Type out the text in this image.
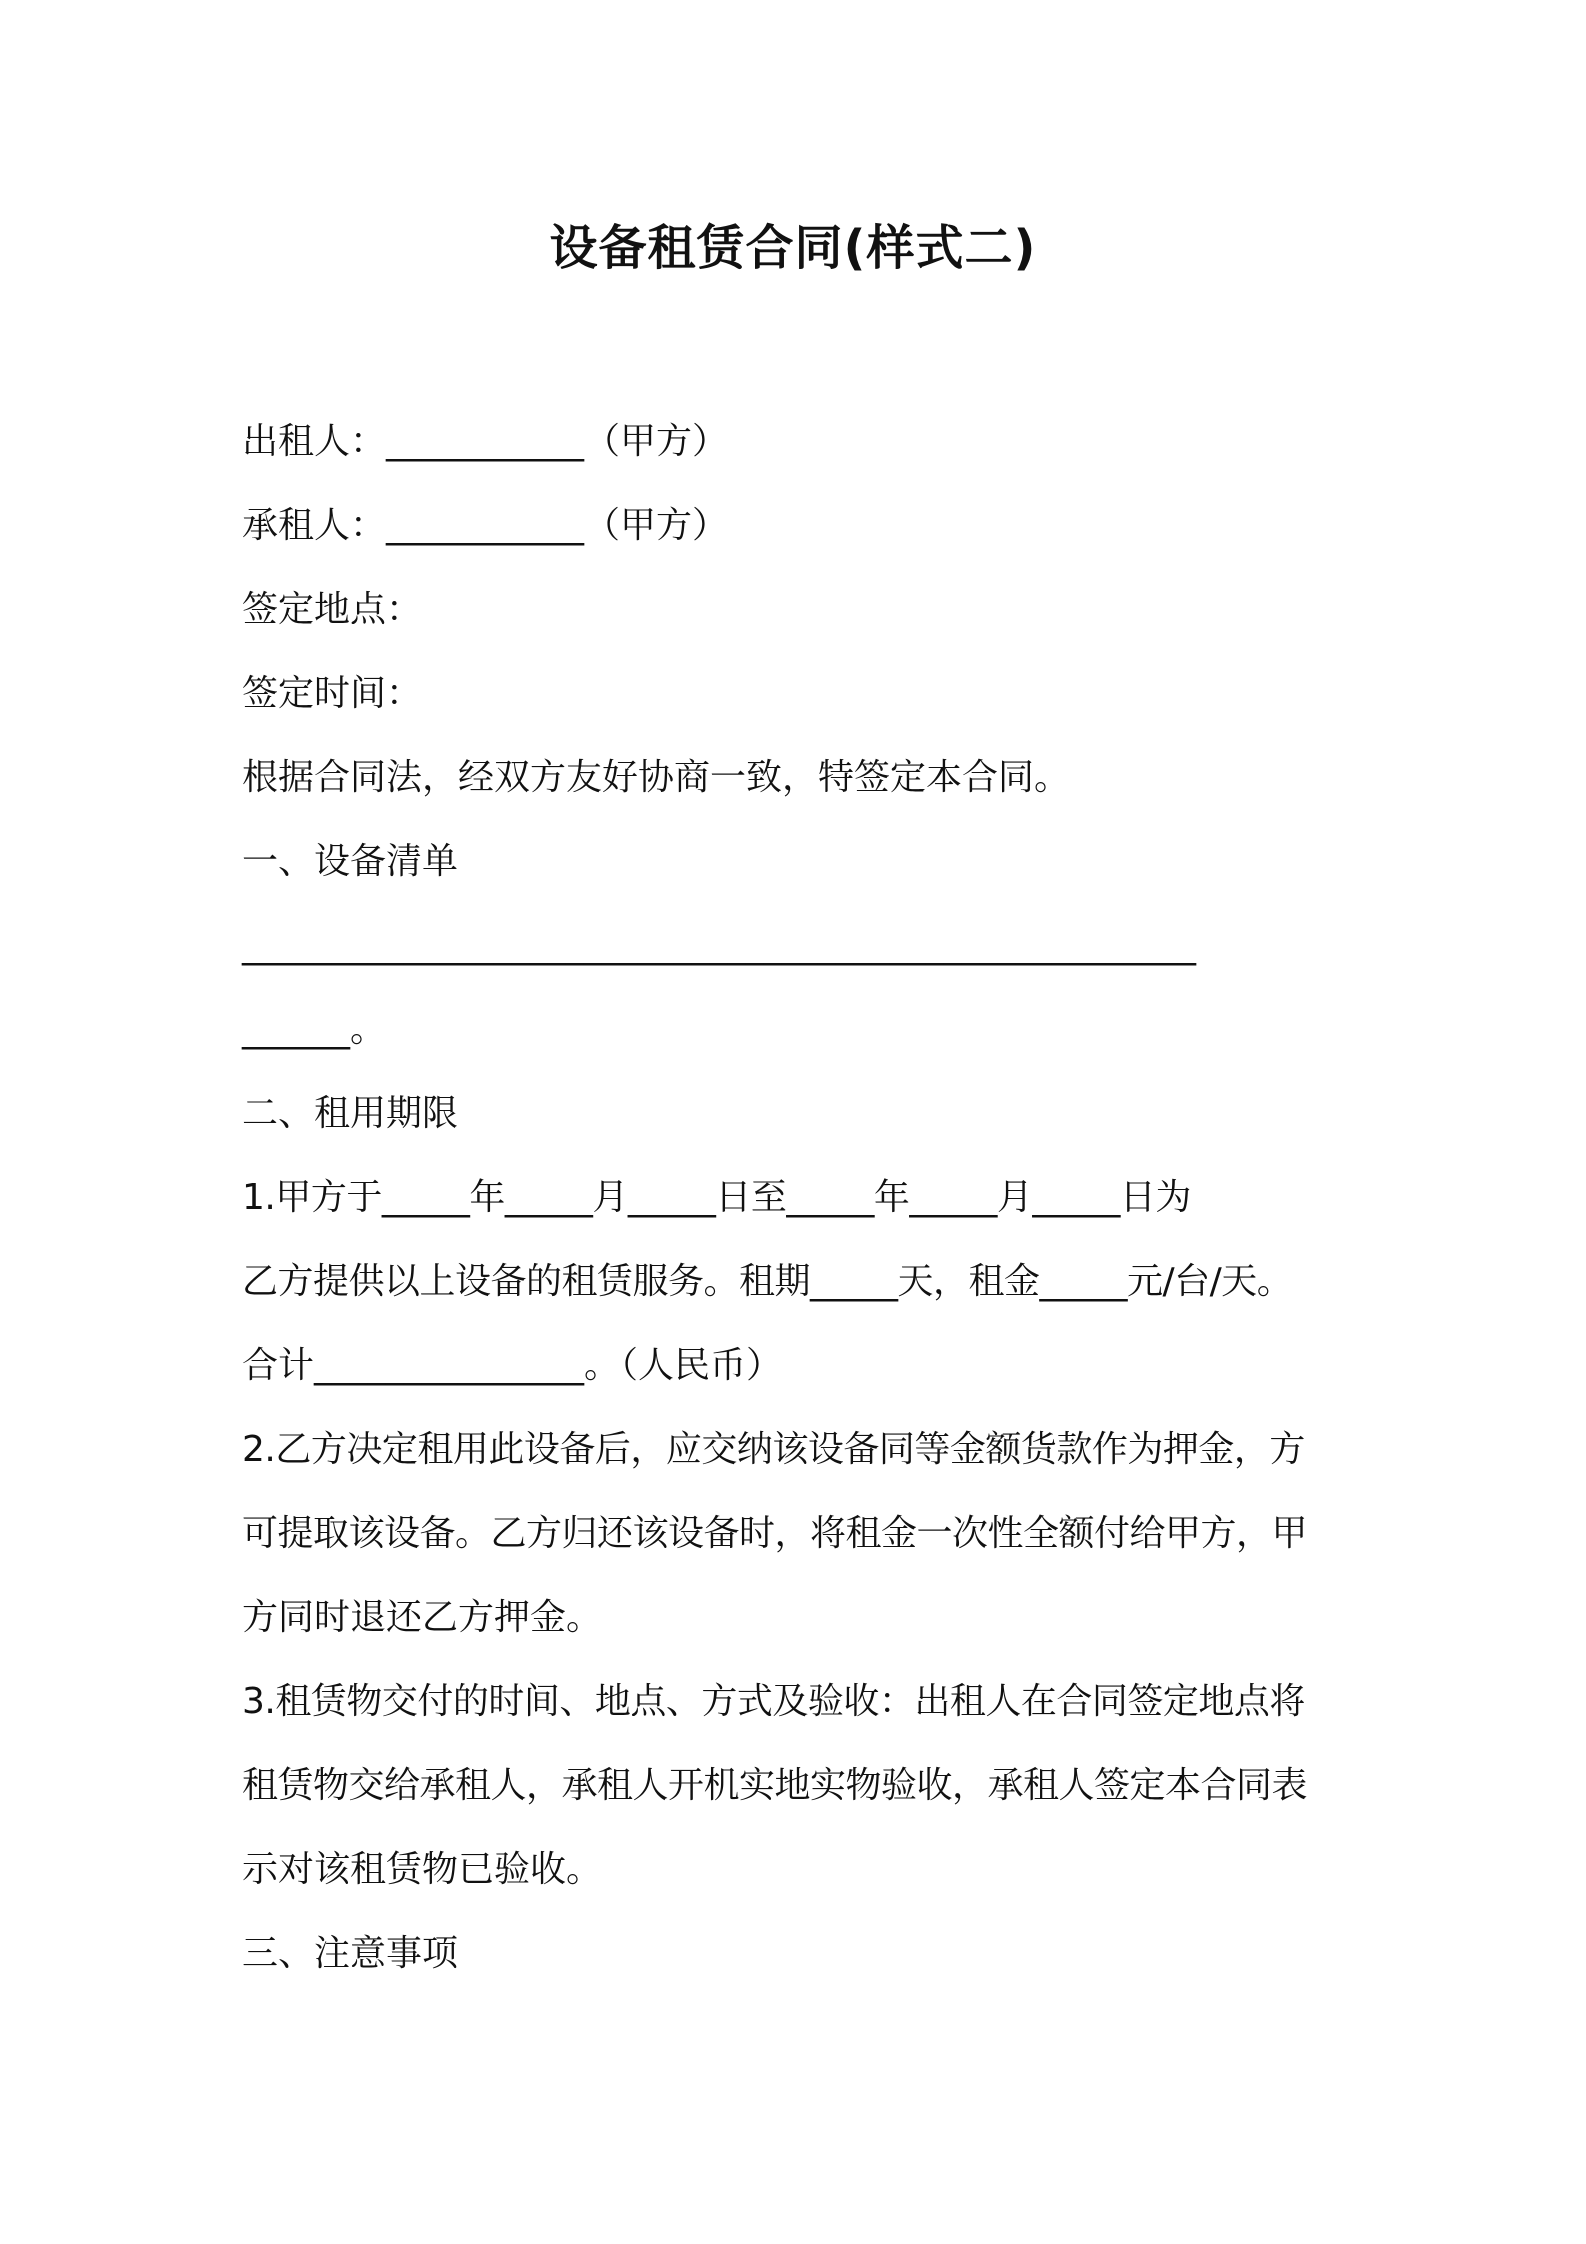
设备租赁合同(样式二)
出租人：___________（甲方）
承租人：___________（甲方）
签定地点：
签定时间：
根据合同法，经双方友好协商一致，特签定本合同。
一、设备清单
_____________________________________________________
______。
二、租用期限
1.甲方于_____年_____月_____日至_____年_____月_____日为
乙方提供以上设备的租赁服务。租期_____天，租金_____元/台/天。
合计_______________。（人民币）
2.乙方决定租用此设备后，应交纳该设备同等金额货款作为押金，方
可提取该设备。乙方归还该设备时，将租金一次性全额付给甲方，甲
方同时退还乙方押金。
3.租赁物交付的时间、地点、方式及验收：出租人在合同签定地点将
租赁物交给承租人，承租人开机实地实物验收，承租人签定本合同表
示对该租赁物已验收。
三、注意事项
